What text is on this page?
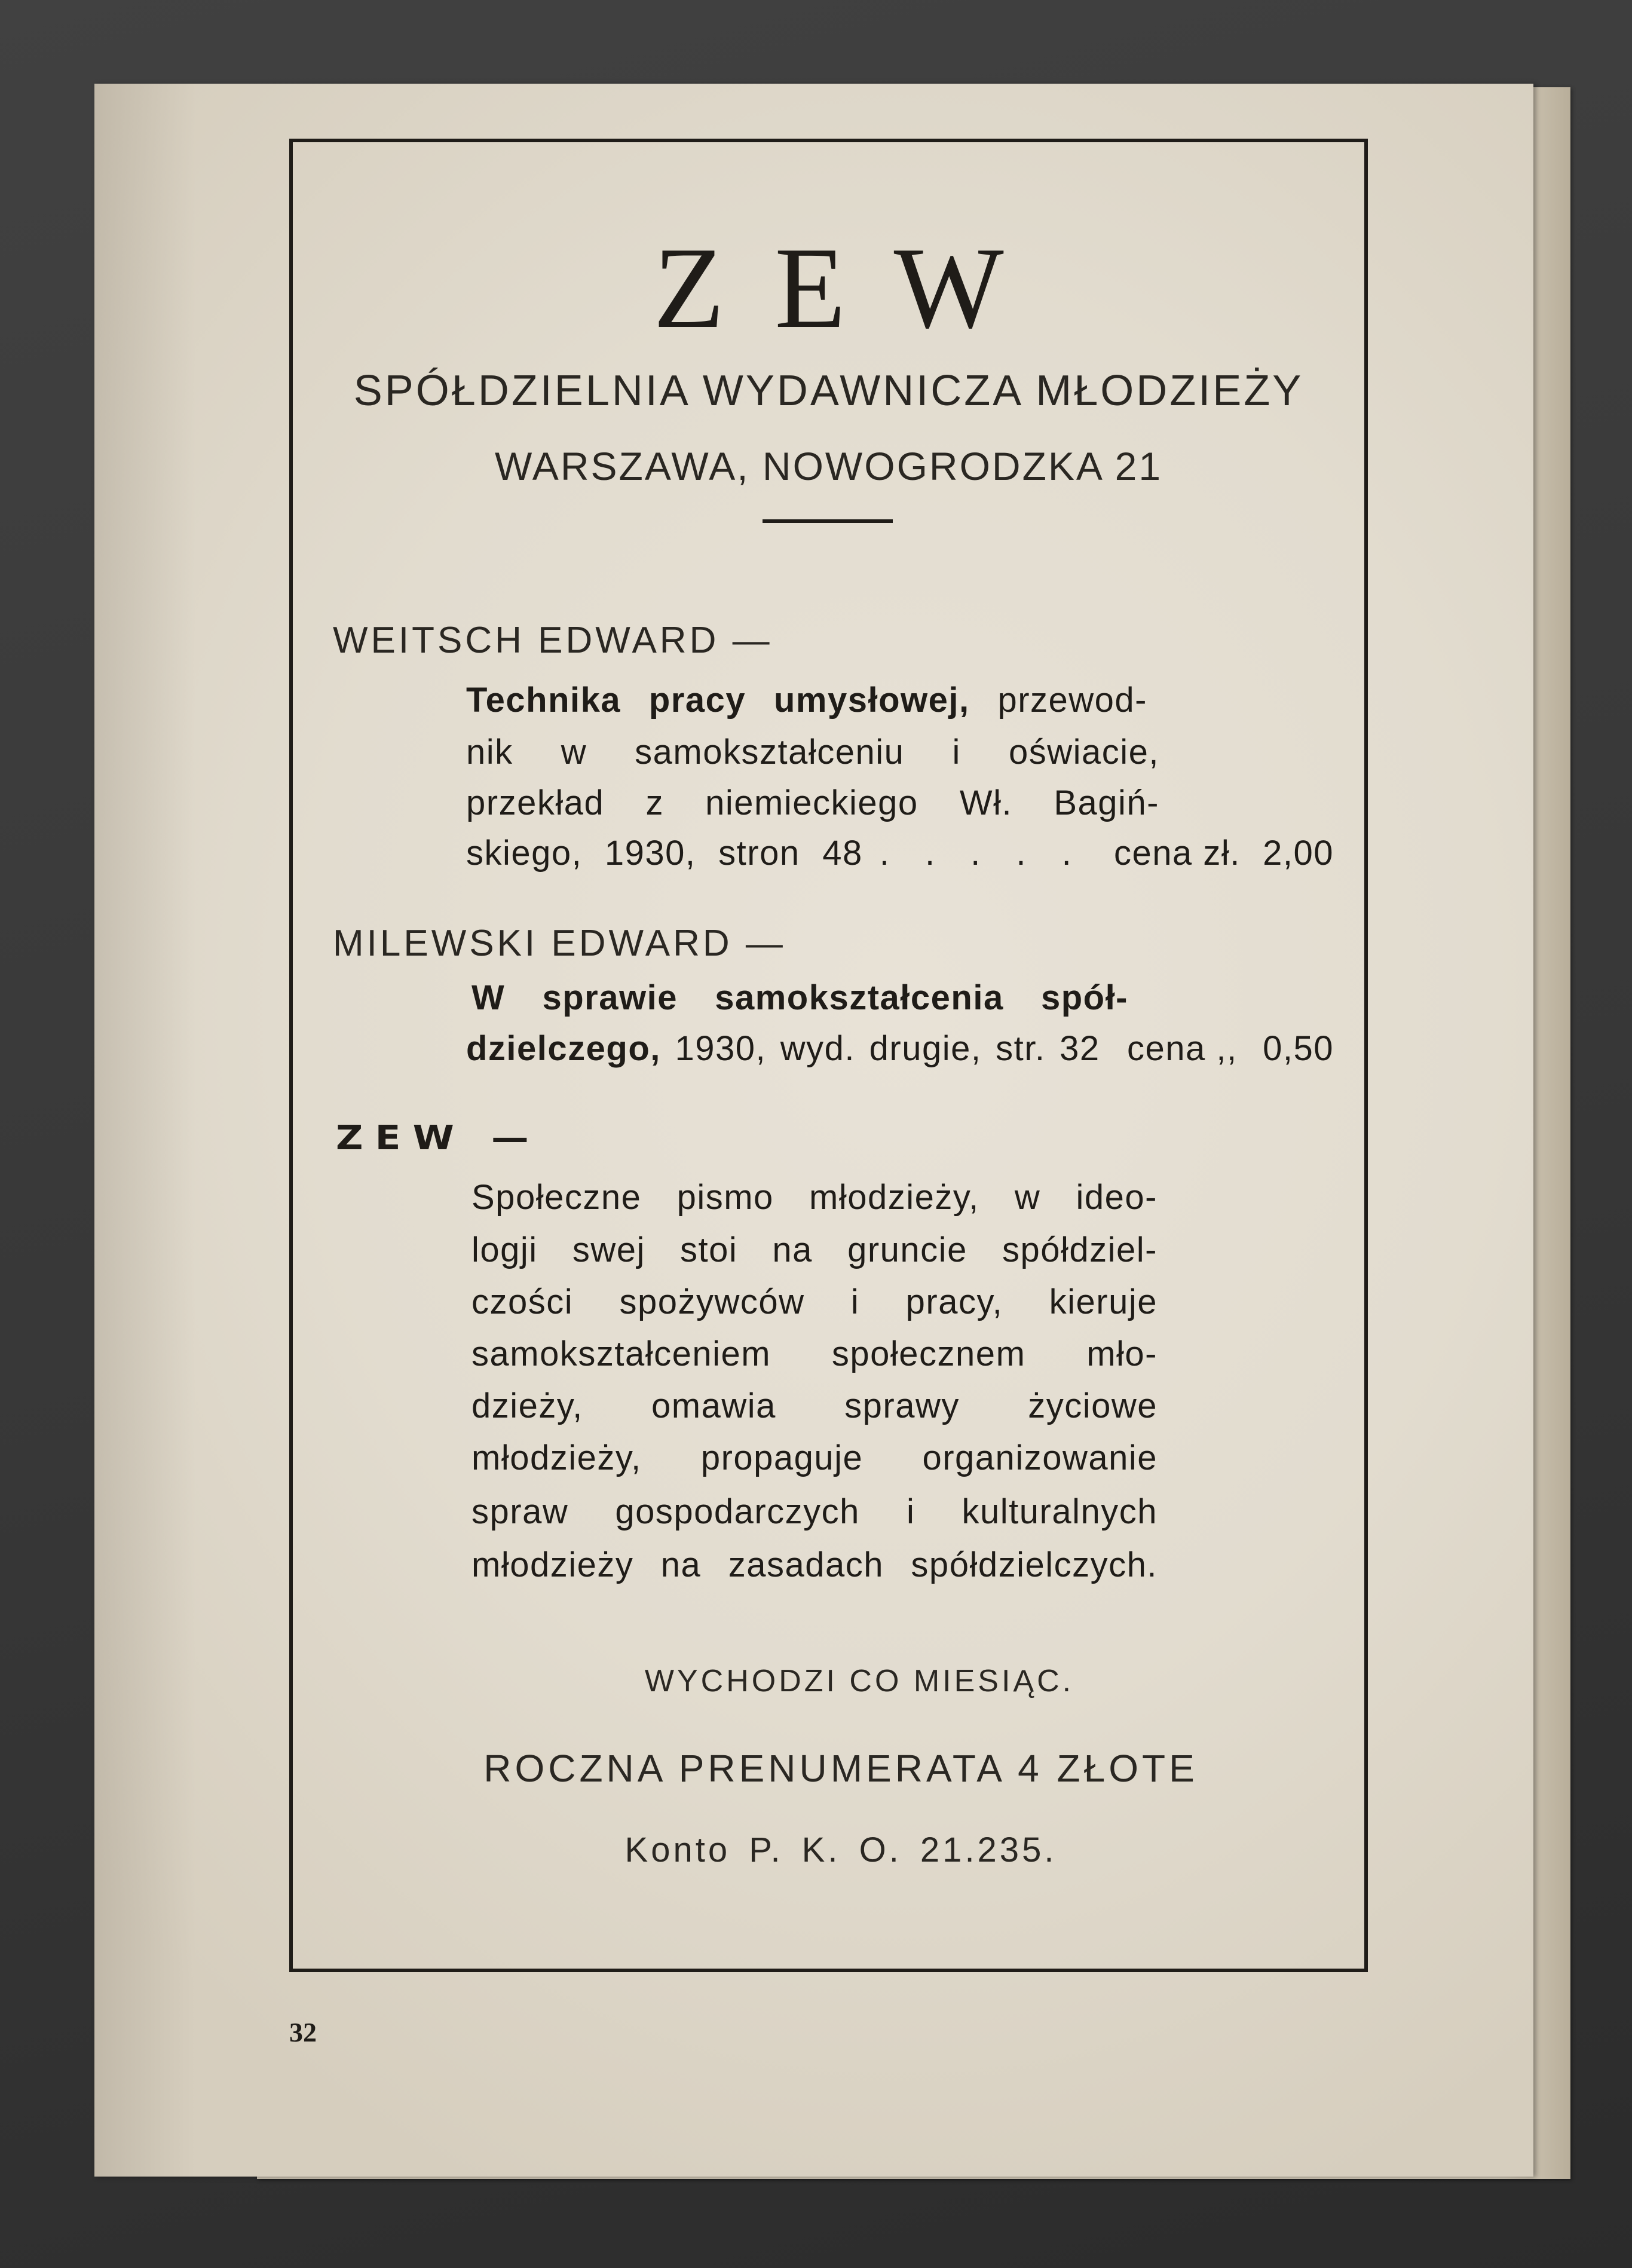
Z E W
SPÓŁDZIELNIA WYDAWNICZA MŁODZIEŻY
WARSZAWA, NOWOGRODZKA 21
WEITSCH EDWARD —
Technika pracy umysłowej, przewod-
nik w samokształceniu i oświacie,
przekład z niemieckiego Wł. Bagiń-
skiego, 1930, stron 48 . . . . . cena zł. 2,00
MILEWSKI EDWARD —
W sprawie samokształcenia spół-
dzielczego, 1930, wyd. drugie, str. 32 cena ,, 0,50
ZEW —
Społeczne pismo młodzieży, w ideo-
logji swej stoi na gruncie spółdziel-
czości spożywców i pracy, kieruje
samokształceniem społecznem mło-
dzieży, omawia sprawy życiowe
młodzieży, propaguje organizowanie
spraw gospodarczych i kulturalnych
młodzieży na zasadach spółdzielczych.
WYCHODZI CO MIESIĄC.
ROCZNA PRENUMERATA 4 ZŁOTE
Konto P. K. O. 21.235.
32
